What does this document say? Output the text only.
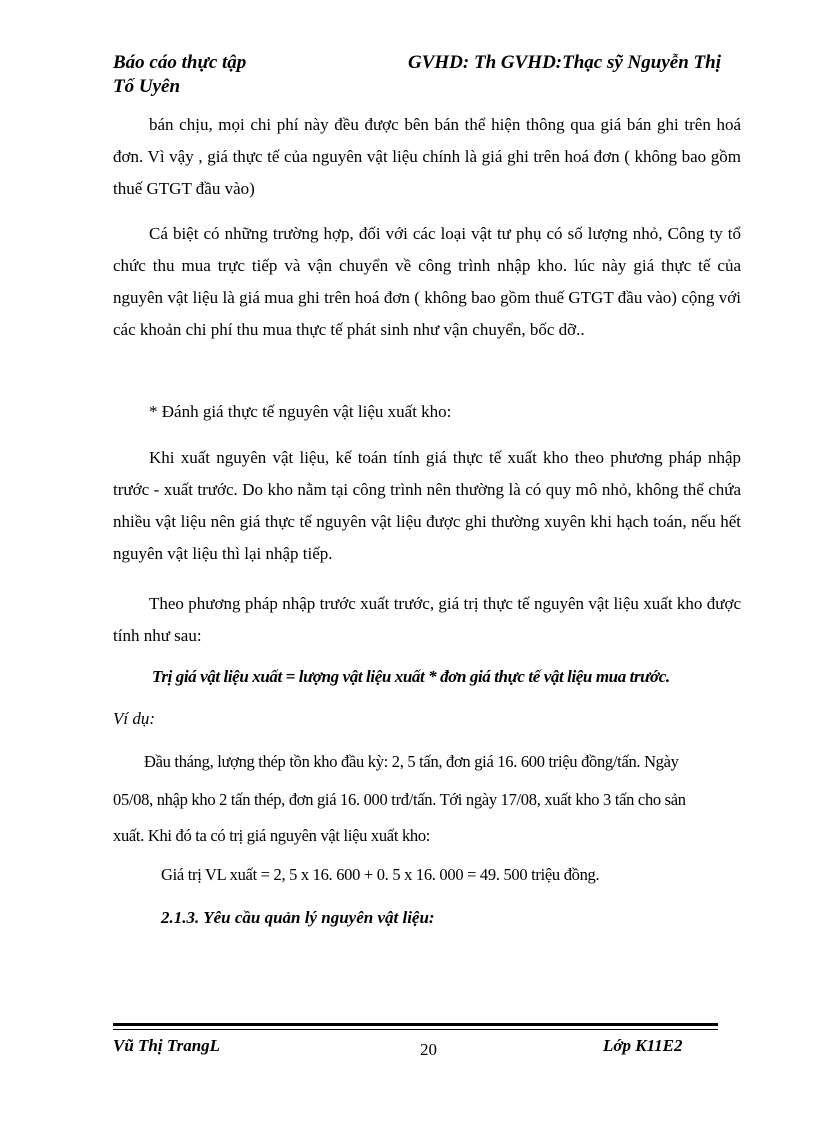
Báo cáo thực tập	GVHD: Th GVHD:Thạc sỹ Nguyễn Thị
Tố Uyên

bán chịu, mọi chi phí này đều được bên bán thể hiện thông qua giá bán ghi trên hoá đơn. Vì vậy , giá thực tế của nguyên vật liệu chính là giá ghi trên hoá đơn ( không bao gồm thuế GTGT đầu vào)

Cá biệt có những trường hợp, đối với các loại vật tư phụ có số lượng nhỏ, Công ty tổ chức thu mua trực tiếp và vận chuyển về công trình nhập kho. lúc này giá thực tế của nguyên vật liệu là giá mua ghi trên hoá đơn ( không bao gồm thuế GTGT đầu vào) cộng với các khoản chi phí thu mua thực tế phát sinh như vận chuyển, bốc dỡ..

* Đánh giá thực tế nguyên vật liệu xuất kho:

Khi xuất nguyên vật liệu, kế toán tính giá thực tế xuất kho theo phương pháp nhập trước - xuất trước. Do kho nằm tại công trình nên thường là có quy mô nhỏ, không thể chứa nhiều vật liệu nên giá thực tế nguyên vật liệu được ghi thường xuyên khi hạch toán, nếu hết nguyên vật liệu thì lại nhập tiếp.

Theo phương pháp nhập trước xuất trước, giá trị thực tế nguyên vật liệu xuất kho được tính như sau:

Trị giá vật liệu xuất = lượng vật liệu xuất * đơn giá thực tế vật liệu mua trước.
Ví dụ:
Đầu tháng, lượng thép tồn kho đầu kỳ: 2, 5 tấn, đơn giá 16. 600 triệu đồng/tấn. Ngày
05/08, nhập kho 2 tấn thép, đơn giá 16. 000 trđ/tấn. Tới ngày 17/08, xuất kho 3 tấn cho sản
xuất. Khi đó ta có trị giá nguyên vật liệu xuất kho:
Giá trị VL xuất = 2, 5 x 16. 600 + 0. 5 x 16. 000 = 49. 500 triệu đồng.
2.1.3. Yêu cầu quản lý nguyên vật liệu:
Vũ Thị TrangL	20	Lớp K11E2
